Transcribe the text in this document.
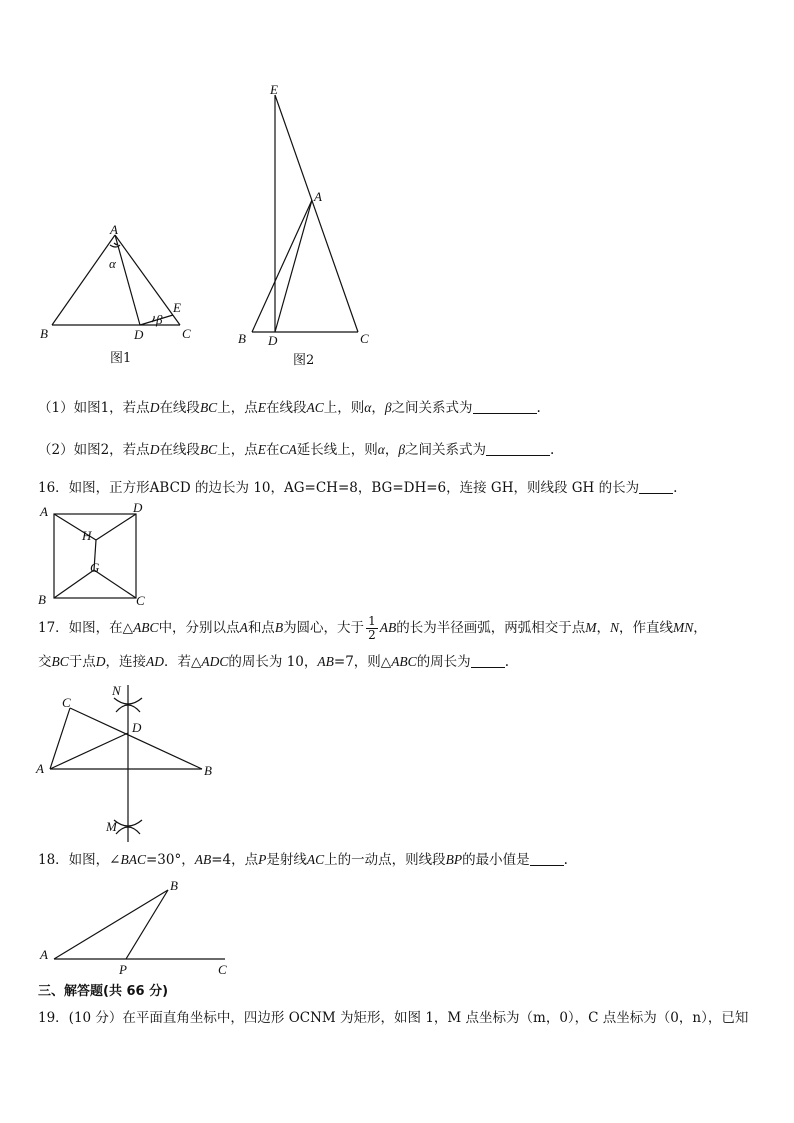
A
B	C
D
E
α
β
图1
E
A
B D	C
图2
（1）如图1，若点D在线段BC上，点E在线段AC上，则α，β之间关系式为	.
（2）如图2，若点D在线段BC上，点E在CA延长线上，则α，β之间关系式为	.
16．如图，正方形ABCD 的边长为 10，AG=CH=8，BG=DH=6，连接 GH，则线段 GH 的长为	.
A	D
B	C
H
G
17．如图，在△ABC中，分别以点A和点B为圆心，大于 $\frac{1}{2}$ AB的长为半径画弧，两弧相交于点M，N，作直线MN，
交BC于点D，连接AD．若△ADC的周长为 10，AB=7，则△ABC的周长为	.
N
C
D
A	B
M
18．如图，∠BAC=30°，AB=4，点P是射线AC上的一动点，则线段BP的最小值是	.
A
B
P	C
三、解答题(共 66 分)
19．(10 分）在平面直角坐标中，四边形 OCNM 为矩形，如图 1，M 点坐标为（m，0），C 点坐标为（0，n），已知
